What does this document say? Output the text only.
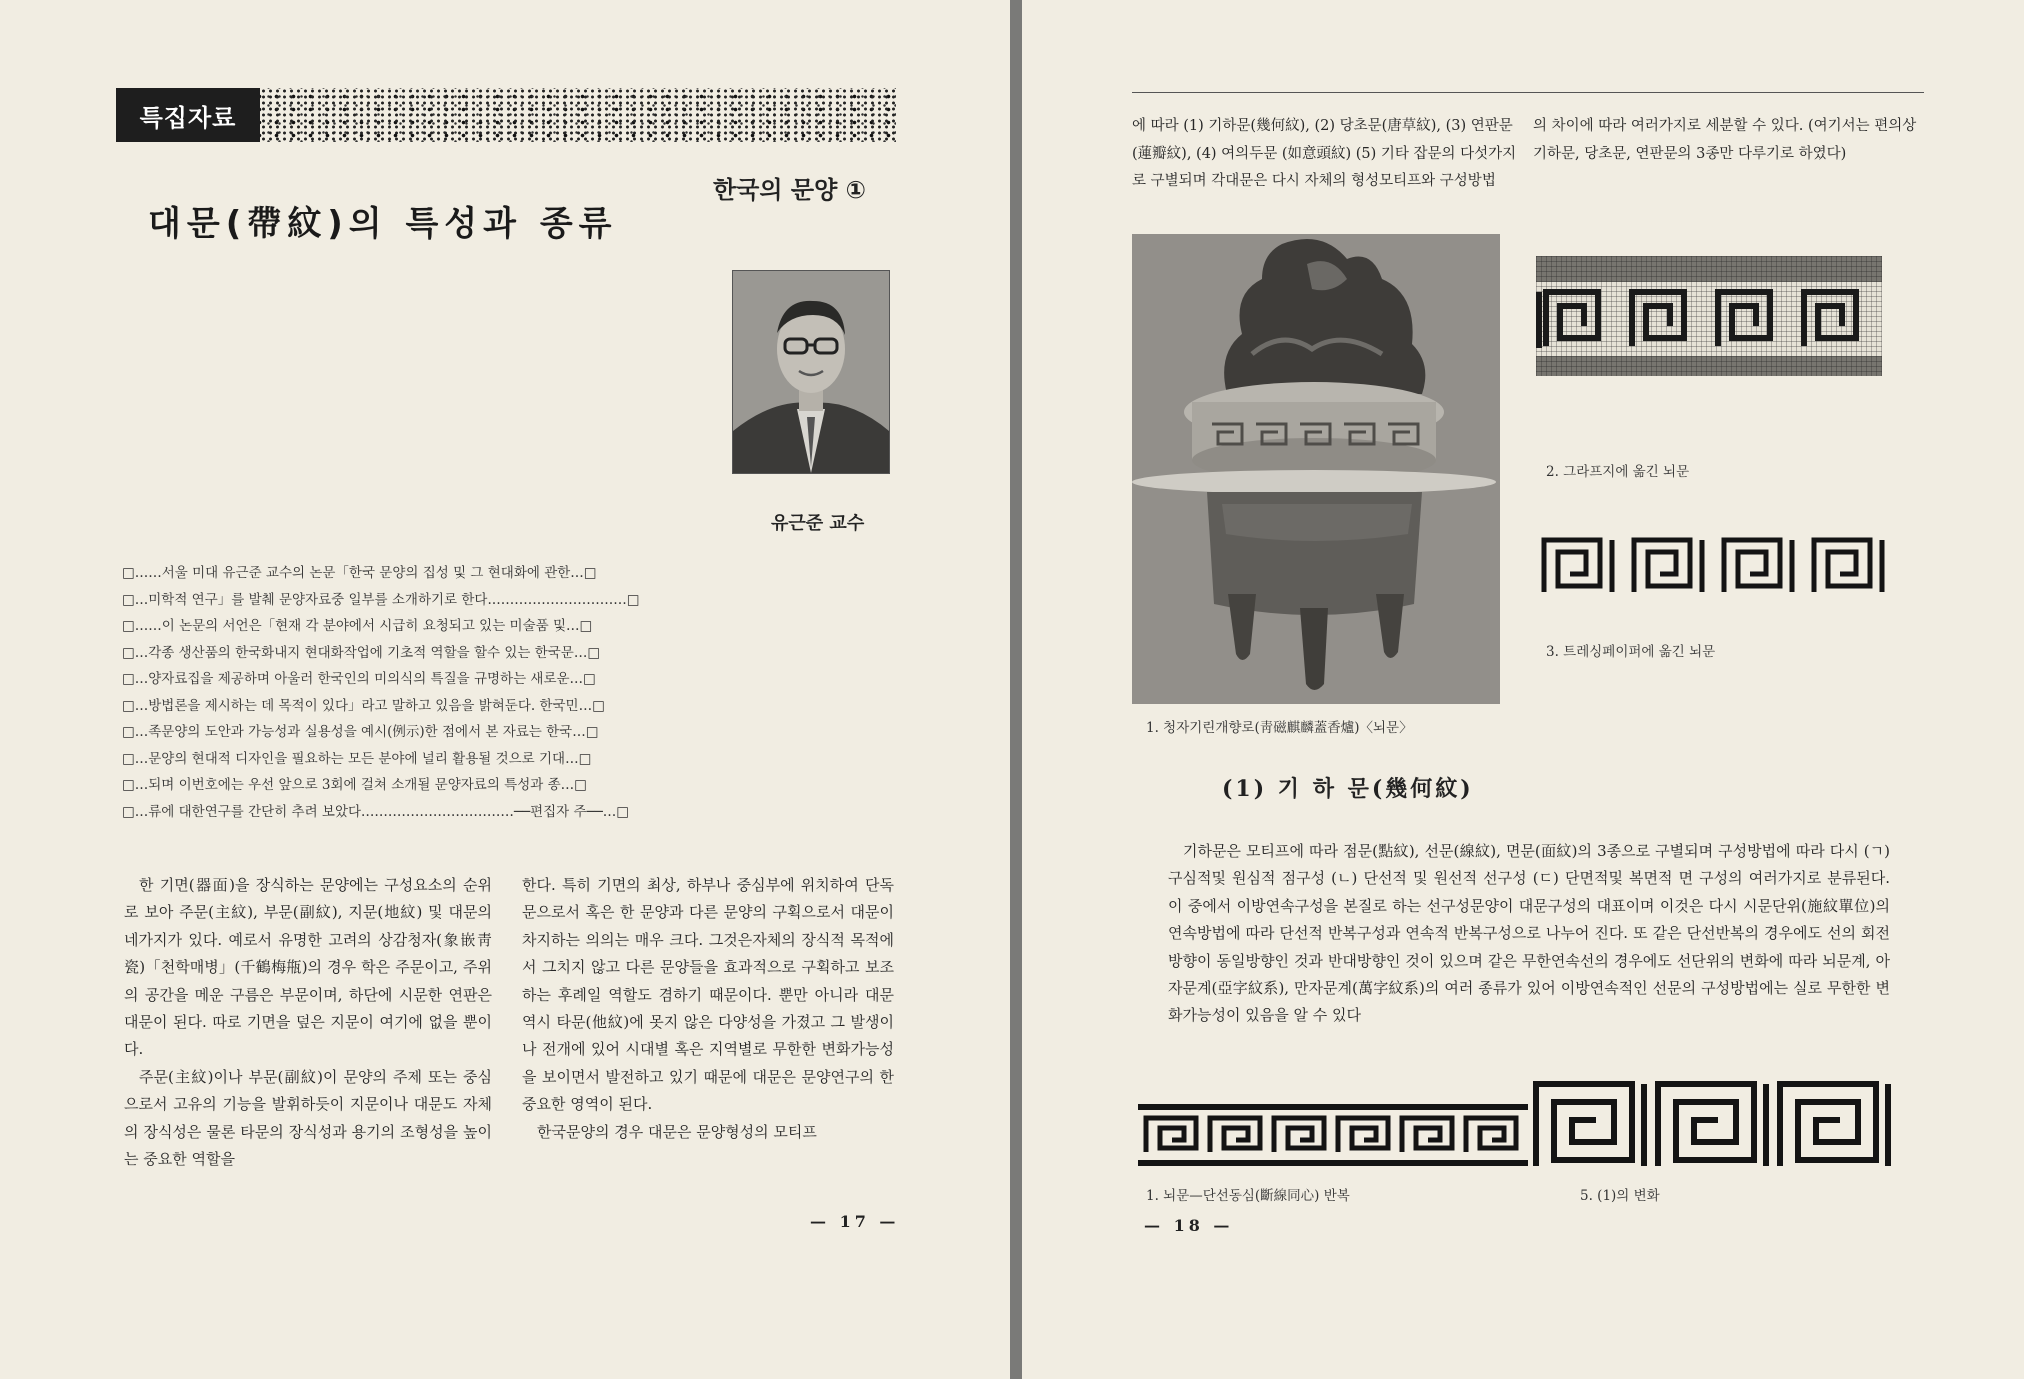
특집자료
한국의 문양 ①
대문(帶紋)의 특성과 종류
유근준 교수
□……서울 미대 유근준 교수의 논문「한국 문양의 집성 및 그 현대화에 관한…□
□…미학적 연구」를 발췌 문양자료중 일부를 소개하기로 한다.…………………………□
□……이 논문의 서언은「현재 각 분야에서 시급히 요청되고 있는 미술품 및…□
□…각종 생산품의 한국화내지 현대화작업에 기초적 역할을 할수 있는 한국문…□
□…양자료집을 제공하며 아울러 한국인의 미의식의 특질을 규명하는 새로운…□
□…방법론을 제시하는 데 목적이 있다」라고 말하고 있음을 밝혀둔다. 한국민…□
□…족문양의 도안과 가능성과 실용성을 예시(例示)한 점에서 본 자료는 한국…□
□…문양의 현대적 디자인을 필요하는 모든 분야에 널리 활용될 것으로 기대…□
□…되며 이번호에는 우선 앞으로 3회에 걸쳐 소개될 문양자료의 특성과 종…□
□…류에 대한연구를 간단히 추려 보았다.……………………………──편집자 주──…□

한 기면(器面)을 장식하는 문양에는 구성요소의 순위로 보아 주문(主紋), 부문(副紋), 지문(地紋) 및 대문의 네가지가 있다. 예로서 유명한 고려의 상감청자(象嵌靑瓷)「천학매병」(千鶴梅甁)의 경우 학은 주문이고, 주위의 공간을 메운 구름은 부문이며, 하단에 시문한 연판은 대문이 된다. 따로 기면을 덮은 지문이 여기에 없을 뿐이다.

주문(主紋)이나 부문(副紋)이 문양의 주제 또는 중심으로서 고유의 기능을 발휘하듯이 지문이나 대문도 자체의 장식성은 물론 타문의 장식성과 용기의 조형성을 높이는 중요한 역할을

한다. 특히 기면의 최상, 하부나 중심부에 위치하여 단독문으로서 혹은 한 문양과 다른 문양의 구획으로서 대문이 차지하는 의의는 매우 크다. 그것은자체의 장식적 목적에서 그치지 않고 다른 문양들을 효과적으로 구획하고 보조하는 후례일 역할도 겸하기 때문이다. 뿐만 아니라 대문 역시 타문(他紋)에 못지 않은 다양성을 가졌고 그 발생이나 전개에 있어 시대별 혹은 지역별로 무한한 변화가능성을 보이면서 발전하고 있기 때문에 대문은 문양연구의 한 중요한 영역이 된다.

한국문양의 경우 대문은 문양형성의 모티프

— 17 —

에 따라 (1) 기하문(幾何紋), (2) 당초문(唐草紋), (3) 연판문(蓮瓣紋), (4) 여의두문 (如意頭紋) (5) 기타 잡문의 다섯가지로 구별되며 각대문은 다시 자체의 형성모티프와 구성방법

의 차이에 따라 여러가지로 세분할 수 있다. (여기서는 편의상 기하문, 당초문, 연판문의 3종만 다루기로 하였다)

1. 청자기린개향로(靑磁麒麟蓋香爐)〈뇌문〉
2. 그라프지에 옮긴 뇌문
3. 트레싱페이퍼에 옮긴 뇌문
(1) 기 하 문(幾何紋)

기하문은 모티프에 따라 점문(點紋), 선문(線紋), 면문(面紋)의 3종으로 구별되며 구성방법에 따라 다시 (ㄱ) 구심적및 원심적 점구성 (ㄴ) 단선적 및 원선적 선구성 (ㄷ) 단면적및 복면적 면 구성의 여러가지로 분류된다. 이 중에서 이방연속구성을 본질로 하는 선구성문양이 대문구성의 대표이며 이것은 다시 시문단위(施紋單位)의 연속방법에 따라 단선적 반복구성과 연속적 반복구성으로 나누어 진다. 또 같은 단선반복의 경우에도 선의 회전방향이 동일방향인 것과 반대방향인 것이 있으며 같은 무한연속선의 경우에도 선단위의 변화에 따라 뇌문계, 아자문계(亞字紋系), 만자문계(萬字紋系)의 여러 종류가 있어 이방연속적인 선문의 구성방법에는 실로 무한한 변화가능성이 있음을 알 수 있다

1. 뇌문—단선동심(斷線同心) 반복	5. (1)의 변화
— 18 —
